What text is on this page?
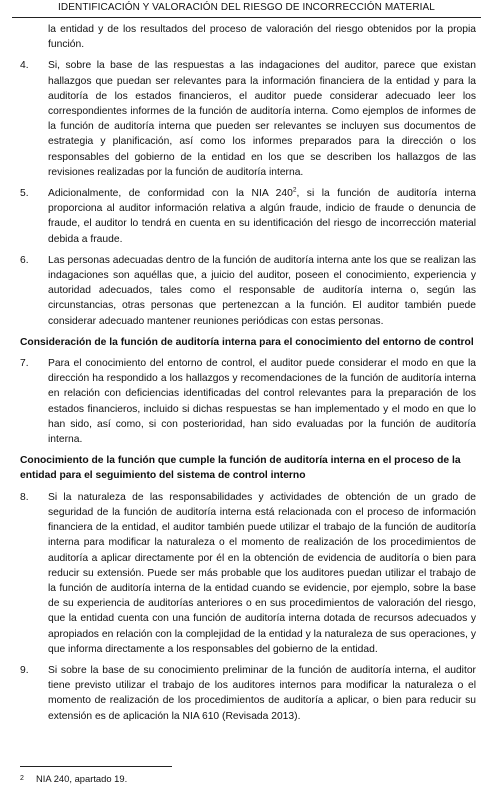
IDENTIFICACIÓN Y VALORACIÓN DEL RIESGO DE INCORRECCIÓN MATERIAL

la entidad y de los resultados del proceso de valoración del riesgo obtenidos por la propia función.

4. Si, sobre la base de las respuestas a las indagaciones del auditor, parece que existan hallazgos que puedan ser relevantes para la información financiera de la entidad y para la auditoría de los estados financieros, el auditor puede considerar adecuado leer los correspondientes informes de la función de auditoría interna. Como ejemplos de informes de la función de auditoría interna que pueden ser relevantes se incluyen sus documentos de estrategia y planificación, así como los informes preparados para la dirección o los responsables del gobierno de la entidad en los que se describen los hallazgos de las revisiones realizadas por la función de auditoría interna.

5. Adicionalmente, de conformidad con la NIA $240^2$, si la función de auditoría interna proporciona al auditor información relativa a algún fraude, indicio de fraude o denuncia de fraude, el auditor lo tendrá en cuenta en su identificación del riesgo de incorrección material debida a fraude.

6. Las personas adecuadas dentro de la función de auditoría interna ante los que se realizan las indagaciones son aquéllas que, a juicio del auditor, poseen el conocimiento, experiencia y autoridad adecuados, tales como el responsable de auditoría interna o, según las circunstancias, otras personas que pertenezcan a la función. El auditor también puede considerar adecuado mantener reuniones periódicas con estas personas.

Consideración de la función de auditoría interna para el conocimiento del entorno de control

7. Para el conocimiento del entorno de control, el auditor puede considerar el modo en que la dirección ha respondido a los hallazgos y recomendaciones de la función de auditoría interna en relación con deficiencias identificadas del control relevantes para la preparación de los estados financieros, incluido si dichas respuestas se han implementado y el modo en que lo han sido, así como, si con posterioridad, han sido evaluadas por la función de auditoría interna.

Conocimiento de la función que cumple la función de auditoría interna en el proceso de la entidad para el seguimiento del sistema de control interno

8. Si la naturaleza de las responsabilidades y actividades de obtención de un grado de seguridad de la función de auditoría interna está relacionada con el proceso de información financiera de la entidad, el auditor también puede utilizar el trabajo de la función de auditoría interna para modificar la naturaleza o el momento de realización de los procedimientos de auditoría a aplicar directamente por él en la obtención de evidencia de auditoría o bien para reducir su extensión. Puede ser más probable que los auditores puedan utilizar el trabajo de la función de auditoría interna de la entidad cuando se evidencie, por ejemplo, sobre la base de su experiencia de auditorías anteriores o en sus procedimientos de valoración del riesgo, que la entidad cuenta con una función de auditoría interna dotada de recursos adecuados y apropiados en relación con la complejidad de la entidad y la naturaleza de sus operaciones, y que informa directamente a los responsables del gobierno de la entidad.

9. Si sobre la base de su conocimiento preliminar de la función de auditoría interna, el auditor tiene previsto utilizar el trabajo de los auditores internos para modificar la naturaleza o el momento de realización de los procedimientos de auditoría a aplicar, o bien para reducir su extensión es de aplicación la NIA 610 (Revisada 2013).

2 NIA 240, apartado 19.
